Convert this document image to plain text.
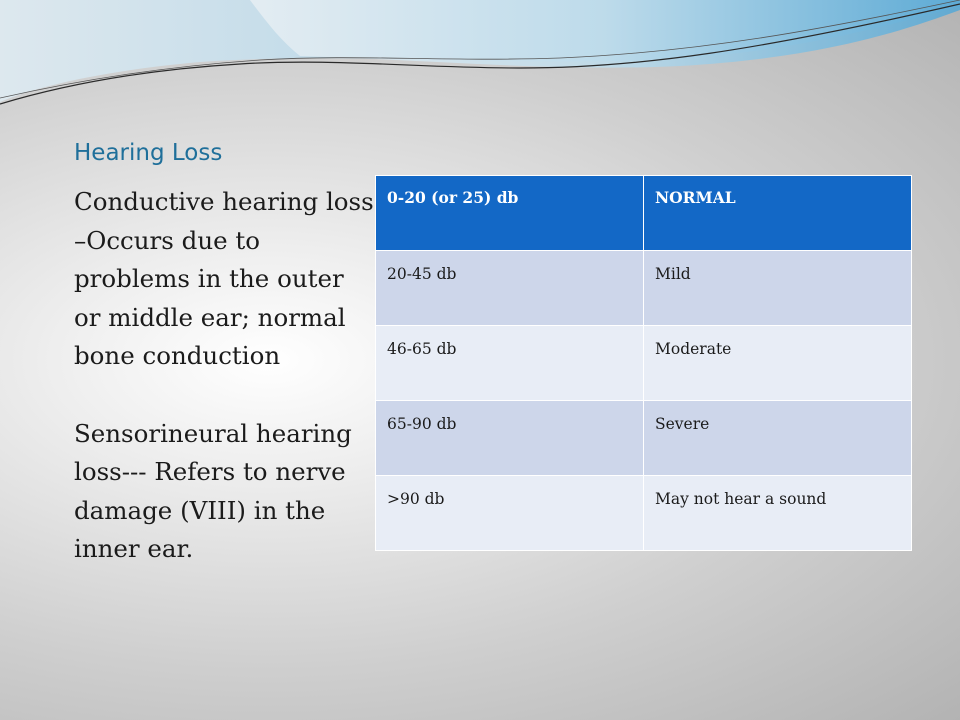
Hearing Loss

Conductive hearing loss –Occurs due to problems in the outer or middle ear; normal bone conduction

Sensorineural hearing loss--- Refers to nerve damage (VIII) in the inner ear.

0-20 (or 25) db	NORMAL
20-45 db	Mild
46-65 db	Moderate
65-90 db	Severe
>90 db	May not hear a sound
